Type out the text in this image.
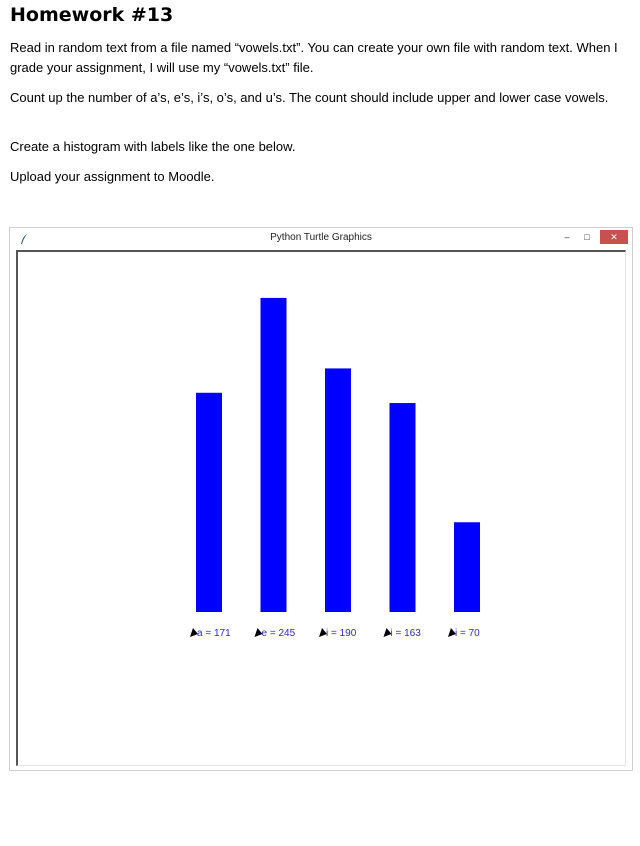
Homework #13

Read in random text from a file named “vowels.txt”. You can create your own file with random text. When I grade your assignment, I will use my “vowels.txt” file.

Count up the number of a’s, e’s, i’s, o’s, and u’s. The count should include upper and lower case vowels.

Create a histogram with labels like the one below.

Upload your assignment to Moodle.

Python Turtle Graphics	–	□	✕
a = 171	e = 245	i = 190	i = 163	i = 70
